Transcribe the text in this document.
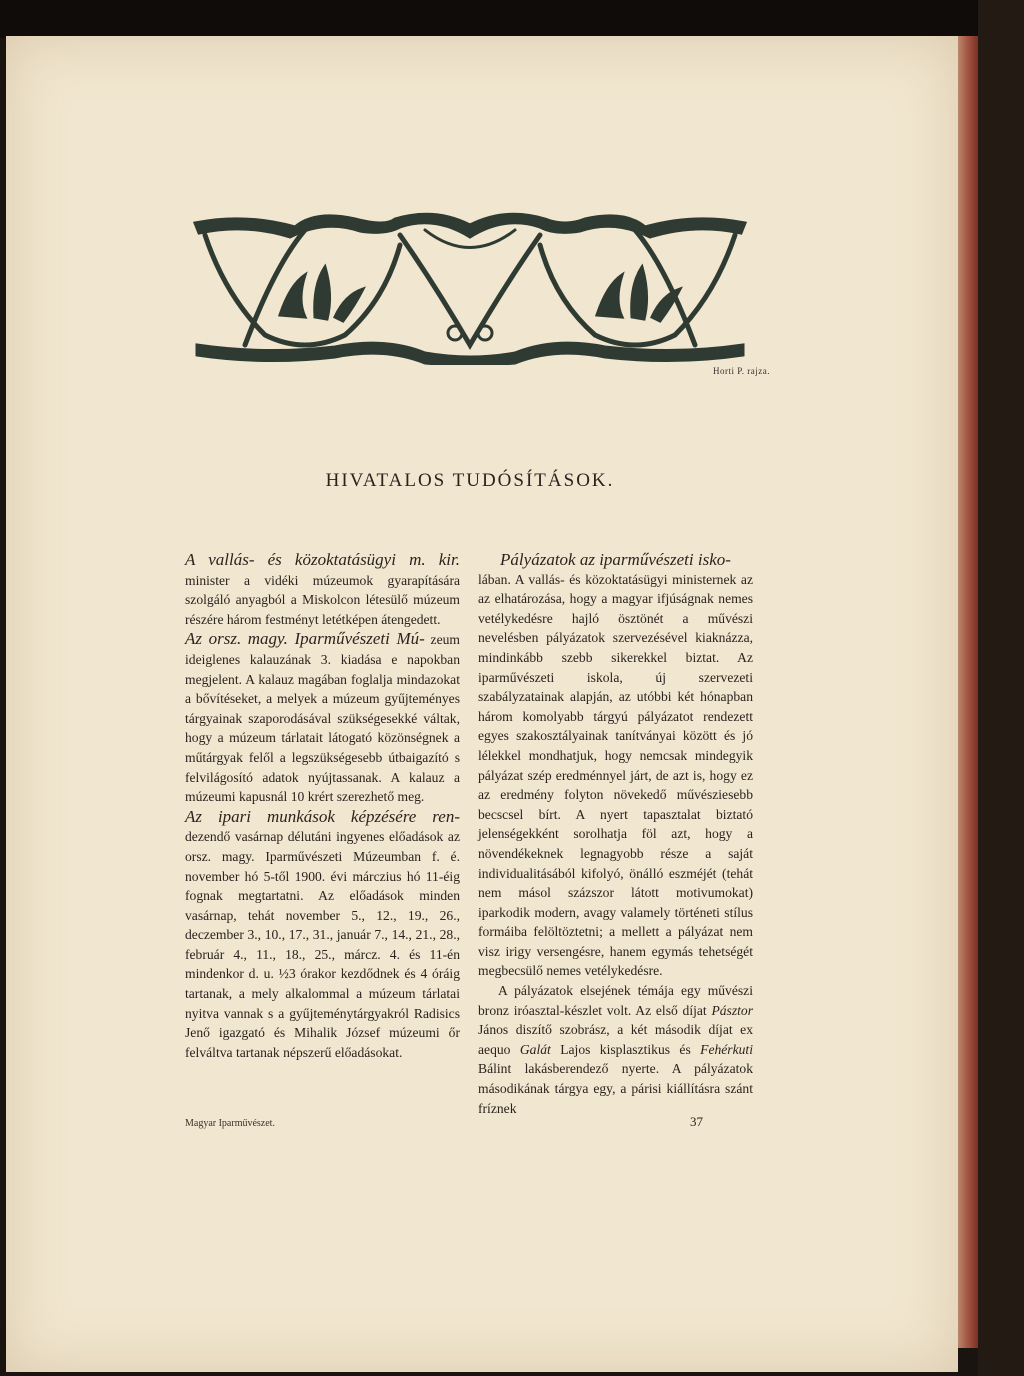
Horti P. rajza.
HIVATALOS TUDÓSÍTÁSOK.

A vallás- és közoktatásügyi m. kir. minister a vidéki múzeumok gyarapítására szolgáló anyagból a Miskolcon létesülő múzeum részére három festményt letétképen átengedett.

Az orsz. magy. Iparművészeti Mú- zeum ideiglenes kalauzának 3. kiadása e napokban megjelent. A kalauz magában foglalja mindazokat a bővítéseket, a melyek a múzeum gyűjteményes tárgyainak szaporodásával szükségesekké váltak, hogy a múzeum tárlatait látogató közönségnek a műtárgyak felől a legszükségesebb útbaigazító s felvilágosító adatok nyújtassanak. A kalauz a múzeumi kapusnál 10 krért szerezhető meg.

Az ipari munkások képzésére ren- dezendő vasárnap délutáni ingyenes előadások az orsz. magy. Iparművészeti Múzeumban f. é. november hó 5-től 1900. évi márczius hó 11-éig fognak megtartatni. Az előadások minden vasárnap, tehát november 5., 12., 19., 26., deczember 3., 10., 17., 31., január 7., 14., 21., 28., február 4., 11., 18., 25., márcz. 4. és 11-én mindenkor d. u. ½3 órakor kezdődnek és 4 óráig tartanak, a mely alkalommal a múzeum tárlatai nyitva vannak s a gyűjteménytárgyakról Radisics Jenő igazgató és Mihalik József múzeumi őr felváltva tartanak népszerű előadásokat.

Pályázatok az iparművészeti isko-

lában. A vallás- és közoktatásügyi ministernek az az elhatározása, hogy a magyar ifjúságnak nemes vetélykedésre hajló ösztönét a művészi nevelésben pályázatok szervezésével kiaknázza, mindinkább szebb sikerekkel biztat. Az iparművészeti iskola, új szervezeti szabályzatainak alapján, az utóbbi két hónapban három komolyabb tárgyú pályázatot rendezett egyes szakosztályainak tanítványai között és jó lélekkel mondhatjuk, hogy nemcsak mindegyik pályázat szép eredménnyel járt, de azt is, hogy ez az eredmény folyton növekedő művésziesebb becscsel bírt. A nyert tapasztalat biztató jelenségekként sorolhatja föl azt, hogy a növendékeknek legnagyobb része a saját individualitásából kifolyó, önálló eszméjét (tehát nem másol százszor látott motivumokat) iparkodik modern, avagy valamely történeti stílus formáiba felöltöztetni; a mellett a pályázat nem visz irigy versengésre, hanem egymás tehetségét megbecsülő nemes vetélykedésre.

A pályázatok elsejének témája egy művészi bronz iróasztal-készlet volt. Az első díjat Pásztor János diszítő szobrász, a két második díjat ex aequo Galát Lajos kisplasztikus és Fehérkuti Bálint lakásberendező nyerte. A pályázatok másodikának tárgya egy, a párisi kiállításra szánt fríznek

Magyar Iparművészet.	37
